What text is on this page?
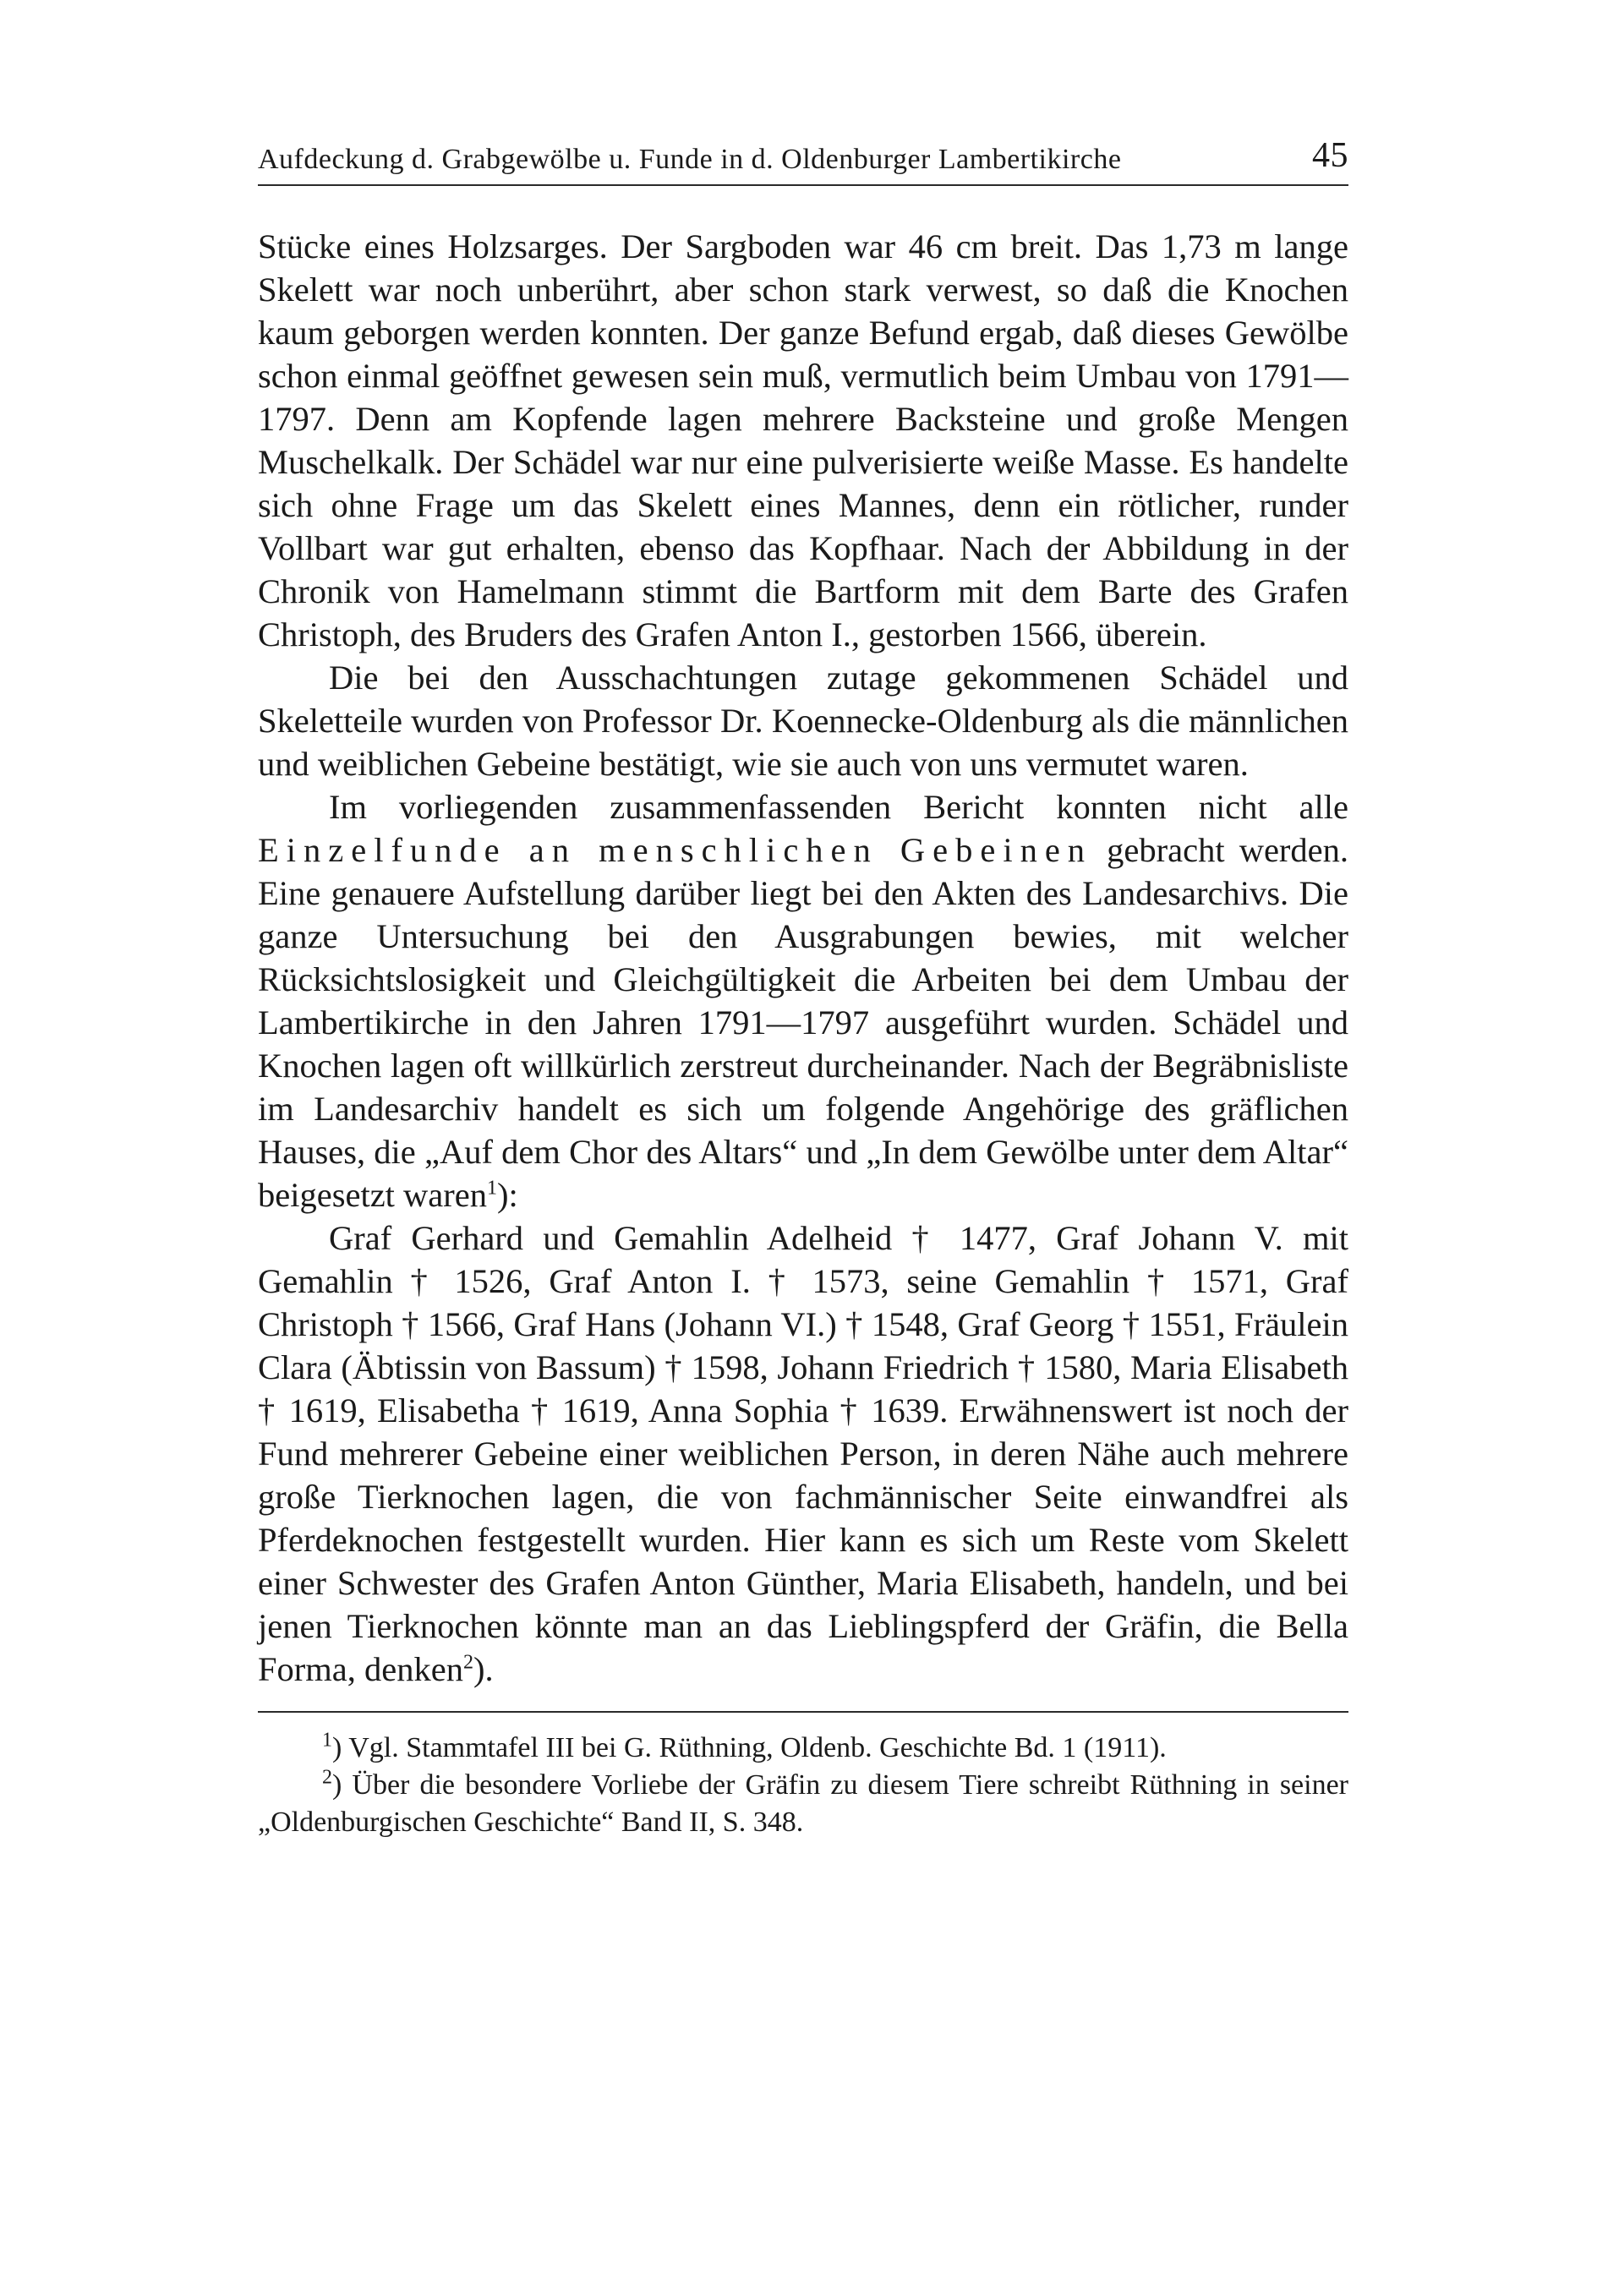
Aufdeckung d. Grabgewölbe u. Funde in d. Oldenburger Lambertikirche	45

Stücke eines Holzsarges. Der Sargboden war 46 cm breit. Das 1,73 m lange Skelett war noch unberührt, aber schon stark verwest, so daß die Knochen kaum geborgen werden konnten. Der ganze Befund ergab, daß dieses Gewölbe schon einmal geöffnet gewesen sein muß, vermutlich beim Umbau von 1791—1797. Denn am Kopfende lagen mehrere Backsteine und große Mengen Muschelkalk. Der Schädel war nur eine pulverisierte weiße Masse. Es handelte sich ohne Frage um das Skelett eines Mannes, denn ein rötlicher, runder Vollbart war gut erhalten, ebenso das Kopfhaar. Nach der Abbildung in der Chronik von Hamelmann stimmt die Bartform mit dem Barte des Grafen Christoph, des Bruders des Grafen Anton I., gestorben 1566, überein.

Die bei den Ausschachtungen zutage gekommenen Schädel und Skeletteile wurden von Professor Dr. Koennecke-Oldenburg als die männlichen und weiblichen Gebeine bestätigt, wie sie auch von uns vermutet waren.

Im vorliegenden zusammenfassenden Bericht konnten nicht alle Einzelfunde an menschlichen Gebeinen gebracht werden. Eine genauere Aufstellung darüber liegt bei den Akten des Landesarchivs. Die ganze Untersuchung bei den Ausgrabungen bewies, mit welcher Rücksichtslosigkeit und Gleichgültigkeit die Arbeiten bei dem Umbau der Lambertikirche in den Jahren 1791—1797 ausgeführt wurden. Schädel und Knochen lagen oft willkürlich zerstreut durcheinander. Nach der Begräbnisliste im Landesarchiv handelt es sich um folgende Angehörige des gräflichen Hauses, die „Auf dem Chor des Altars“ und „In dem Gewölbe unter dem Altar“ beigesetzt waren$^1$):

Graf Gerhard und Gemahlin Adelheid † 1477, Graf Johann V. mit Gemahlin † 1526, Graf Anton I. † 1573, seine Gemahlin † 1571, Graf Christoph † 1566, Graf Hans (Johann VI.) † 1548, Graf Georg † 1551, Fräulein Clara (Äbtissin von Bassum) † 1598, Johann Friedrich † 1580, Maria Elisabeth † 1619, Elisabetha † 1619, Anna Sophia † 1639. Erwähnenswert ist noch der Fund mehrerer Gebeine einer weiblichen Person, in deren Nähe auch mehrere große Tierknochen lagen, die von fachmännischer Seite einwandfrei als Pferdeknochen festgestellt wurden. Hier kann es sich um Reste vom Skelett einer Schwester des Grafen Anton Günther, Maria Elisabeth, handeln, und bei jenen Tierknochen könnte man an das Lieblingspferd der Gräfin, die Bella Forma, denken$^2$).

$^1$) Vgl. Stammtafel III bei G. Rüthning, Oldenb. Geschichte Bd. 1 (1911).

$^2$) Über die besondere Vorliebe der Gräfin zu diesem Tiere schreibt Rüthning in seiner „Oldenburgischen Geschichte“ Band II, S. 348.
